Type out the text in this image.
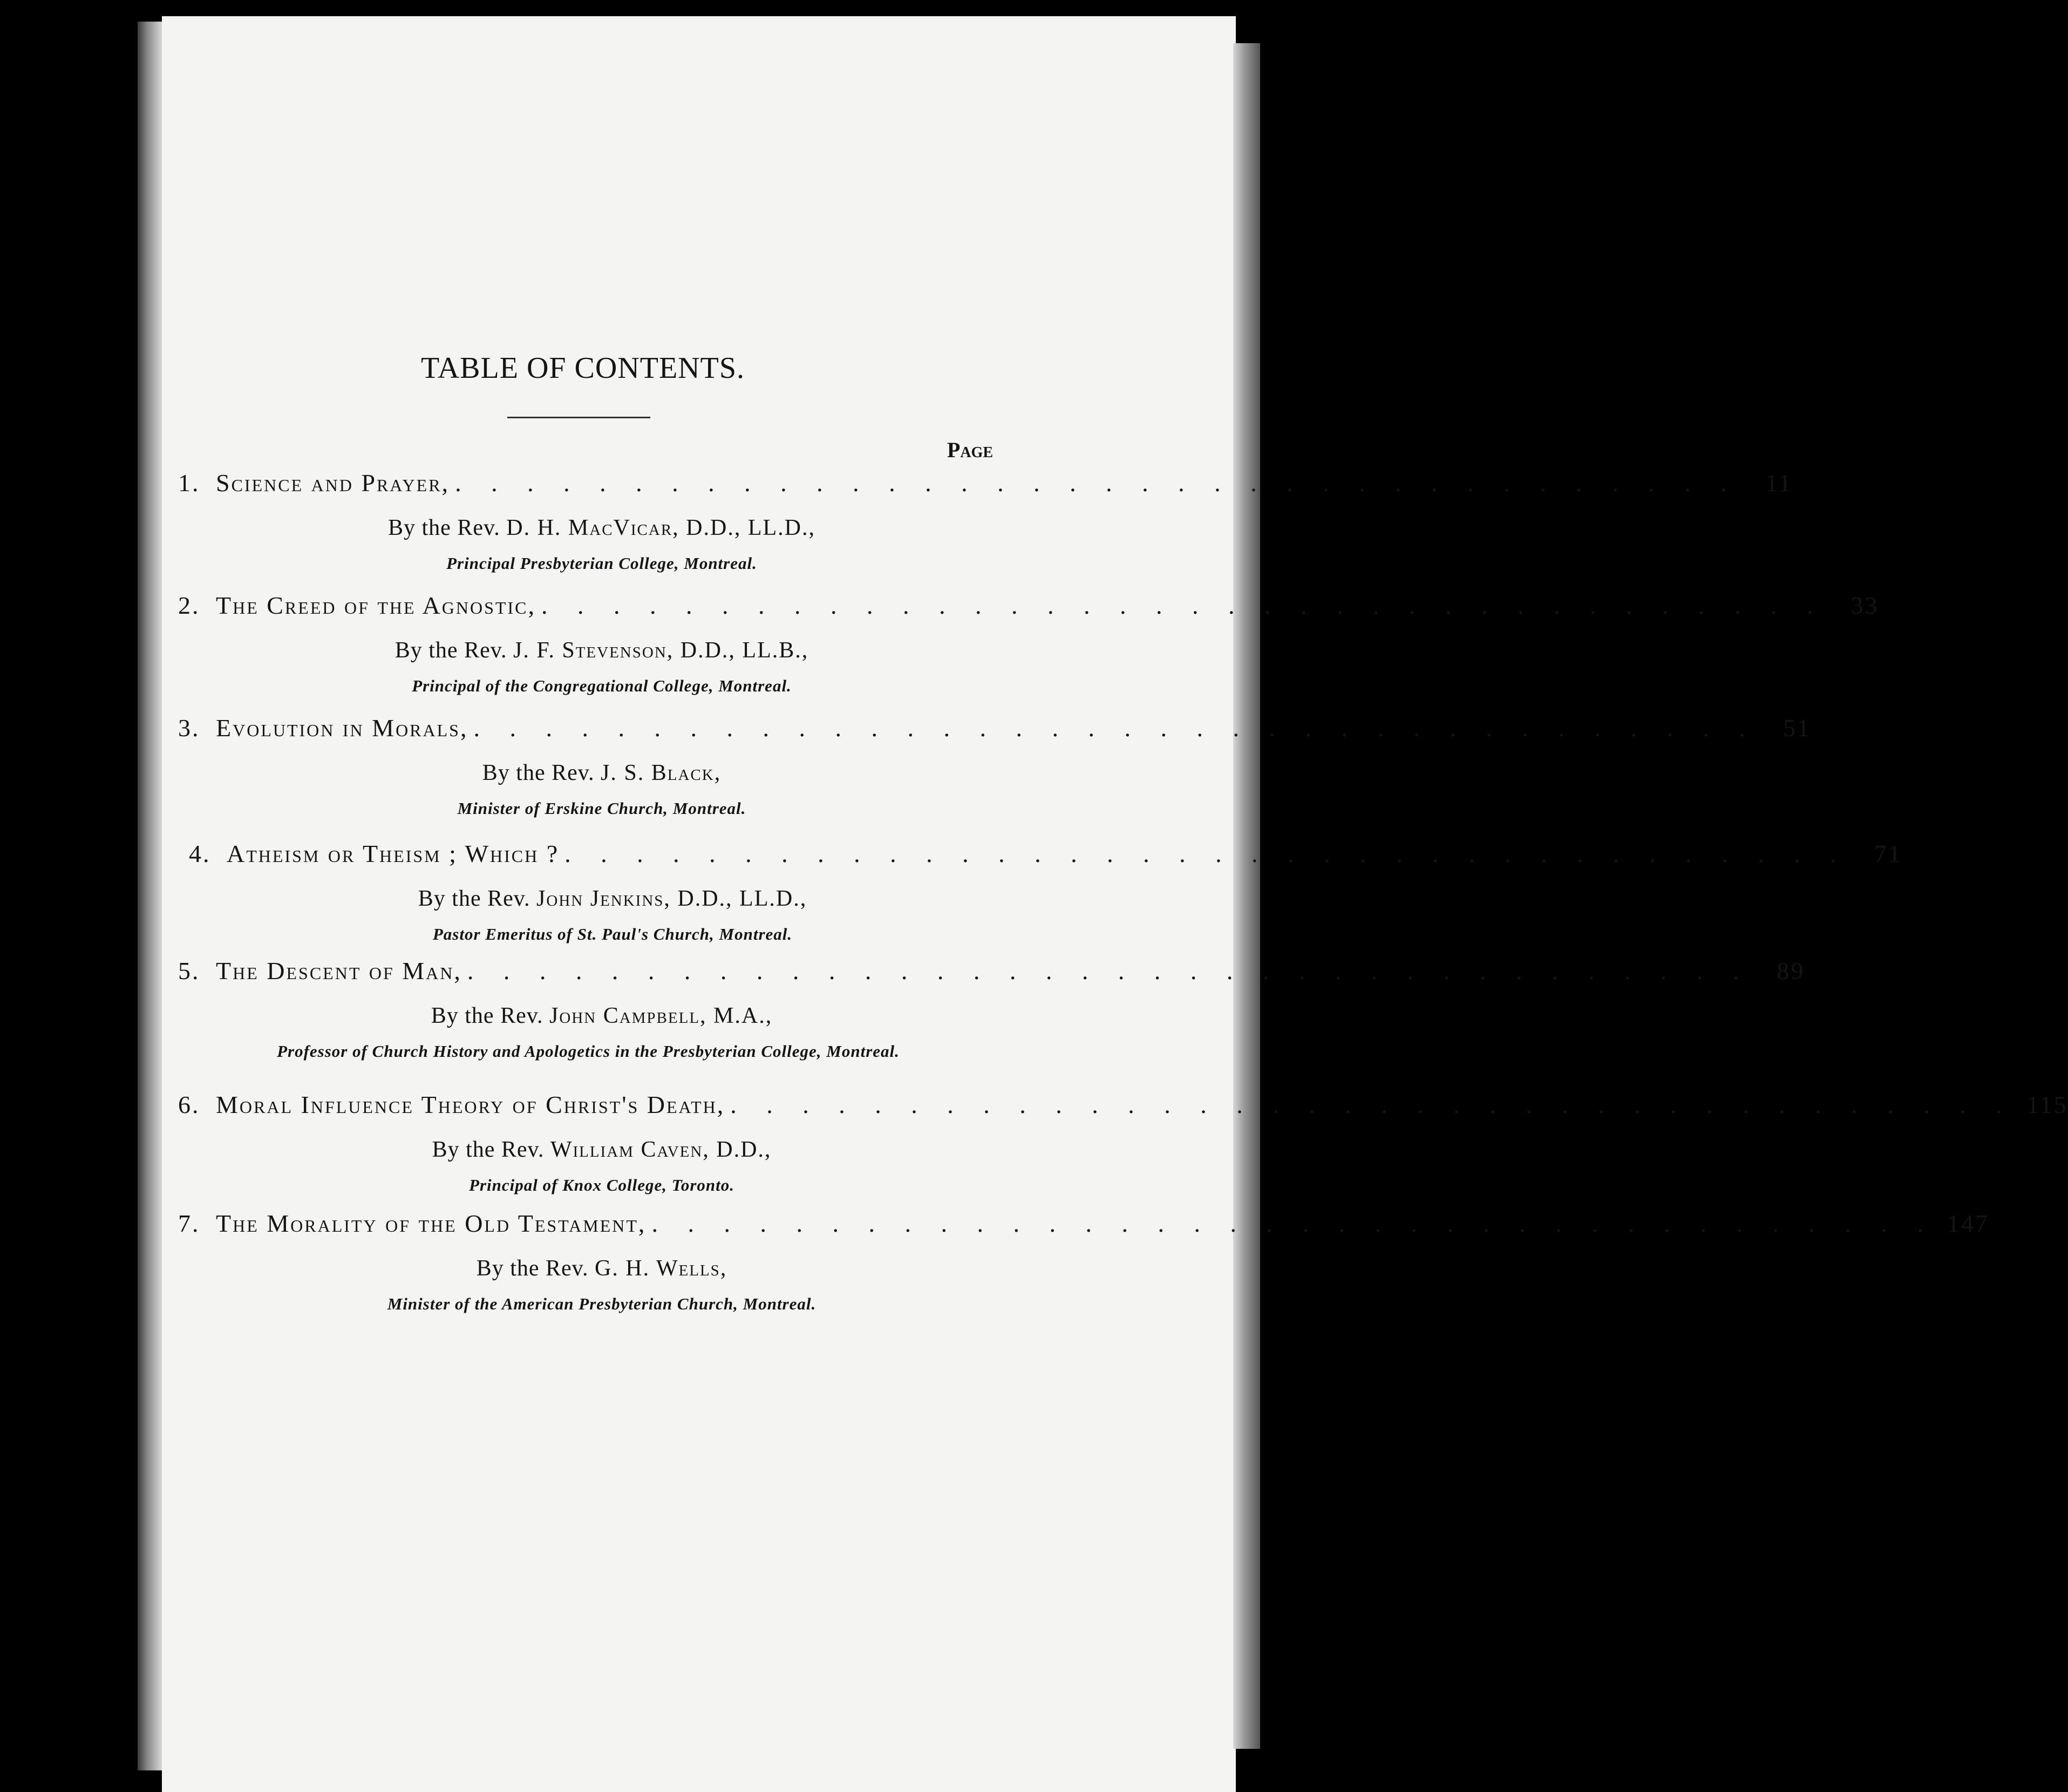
TABLE OF CONTENTS.
Page
1. Science and Prayer, . . . . . . . . . . . . . . . . . . . . . . . . . . . . . . . . . . . .	11
By the Rev. D. H. MacVicar, D.D., LL.D.,
Principal Presbyterian College, Montreal.
2. The Creed of the Agnostic, . . . . . . . . . . . . . . . . . . . . . . . . . . . . . . . . . . . .	33
By the Rev. J. F. Stevenson, D.D., LL.B.,
Principal of the Congregational College, Montreal.
3. Evolution in Morals, . . . . . . . . . . . . . . . . . . . . . . . . . . . . . . . . . . . .	51
By the Rev. J. S. Black,
Minister of Erskine Church, Montreal.
4. Atheism or Theism ; Which ? . . . . . . . . . . . . . . . . . . . . . . . . . . . . . . . . . . . .	71
By the Rev. John Jenkins, D.D., LL.D.,
Pastor Emeritus of St. Paul's Church, Montreal.
5. The Descent of Man, . . . . . . . . . . . . . . . . . . . . . . . . . . . . . . . . . . . .	89
By the Rev. John Campbell, M.A.,
Professor of Church History and Apologetics in the Presbyterian College, Montreal.
6. Moral Influence Theory of Christ's Death, . . . . . . . . . . . . . . . . . . . . . . . . . . . . . . . . . . . . 115
By the Rev. William Caven, D.D.,
Principal of Knox College, Toronto.
7. The Morality of the Old Testament, . . . . . . . . . . . . . . . . . . . . . . . . . . . . . . . . . . . . 147
By the Rev. G. H. Wells,
Minister of the American Presbyterian Church, Montreal.
